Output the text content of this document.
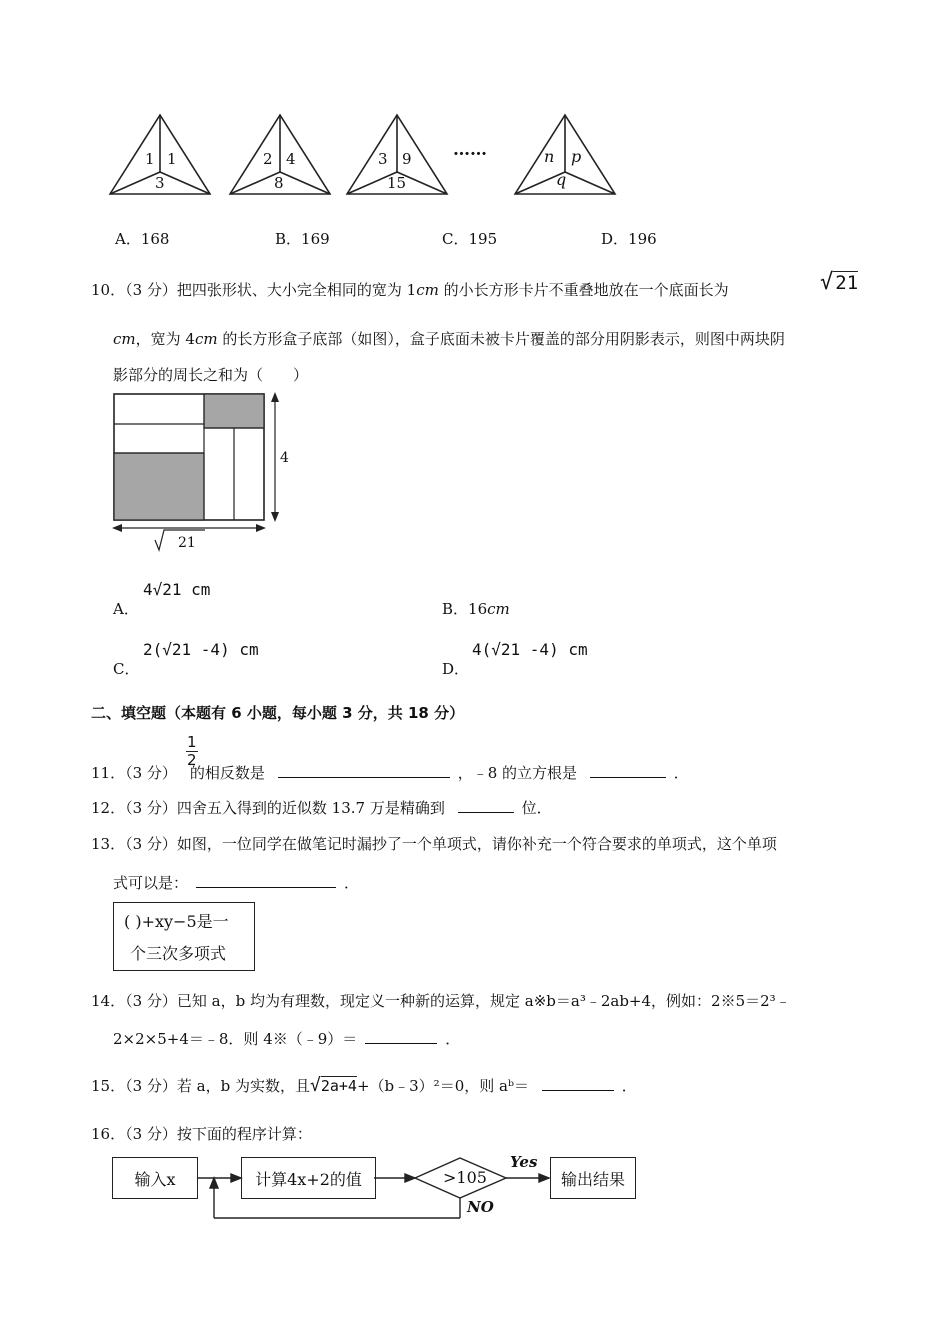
1 1
3
2 4
8
3 9
15
……	n p
q
A．168	B．169	C．195	D．196
10．（3 分）把四张形状、大小完全相同的宽为 1cm 的小长方形卡片不重叠地放在一个底面长为	√ 21
cm，宽为 4cm 的长方形盒子底部（如图），盒子底面未被卡片覆盖的部分用阴影表示，则图中两块阴
影部分的周长之和为（　　）
4
21
A．
4√21 cm
B．16cm
C．
2(√21 -4) cm
D．
4(√21 -4) cm
二、填空题（本题有 6 小题，每小题 3 分，共 18 分）
1
2
11．（3 分） 的相反数是	，﹣8 的立方根是	．
12．（3 分）四舍五入得到的近似数 13.7 万是精确到	位．
13．（3 分）如图，一位同学在做笔记时漏抄了一个单项式，请你补充一个符合要求的单项式，这个单项
式可以是：	．
( )+xy−5是一
个三次多项式
14．（3 分）已知 a，b 均为有理数，现定义一种新的运算，规定 a※b＝a³﹣2ab+4，例如：2※5＝2³﹣
2×2×5+4＝﹣8．则 4※（﹣9）＝	．
15．（3 分）若 a，b 为实数，且√2a+4+（b﹣3）²＝0，则 aᵇ＝	．
16．（3 分）按下面的程序计算：
输入x	计算4x+2的值	>105
Yes
NO
输出结果
